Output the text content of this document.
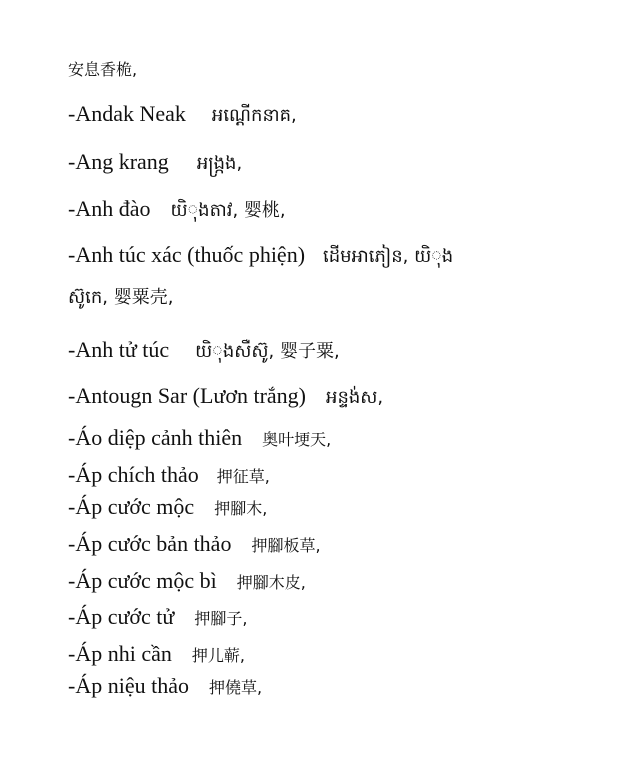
安息香桅,
-Andak Neak អណ្តើកនាគ,
-Ang krang អង្រ្កង,
-Anh đào យិុងតាវ, 婴桃,
-Anh túc xác (thuốc phiện) ដើមអាភៀន, យិុង
ស៊ូកេ, 婴粟壳,
-Anh tử túc យិុងសឺស៊ូ, 婴子粟,
-Antougn Sar (Lươn trắng) អន្ទង់ស,
-Áo diệp cảnh thiên 奥叶埂天,
-Áp chích thảo 押征草,
-Áp cước mộc 押腳木,
-Áp cước bản thảo 押腳板草,
-Áp cước mộc bì 押腳木皮,
-Áp cước tử 押腳子,
-Áp nhi cần 押儿蕲,
-Áp niệu thảo 押僥草,
